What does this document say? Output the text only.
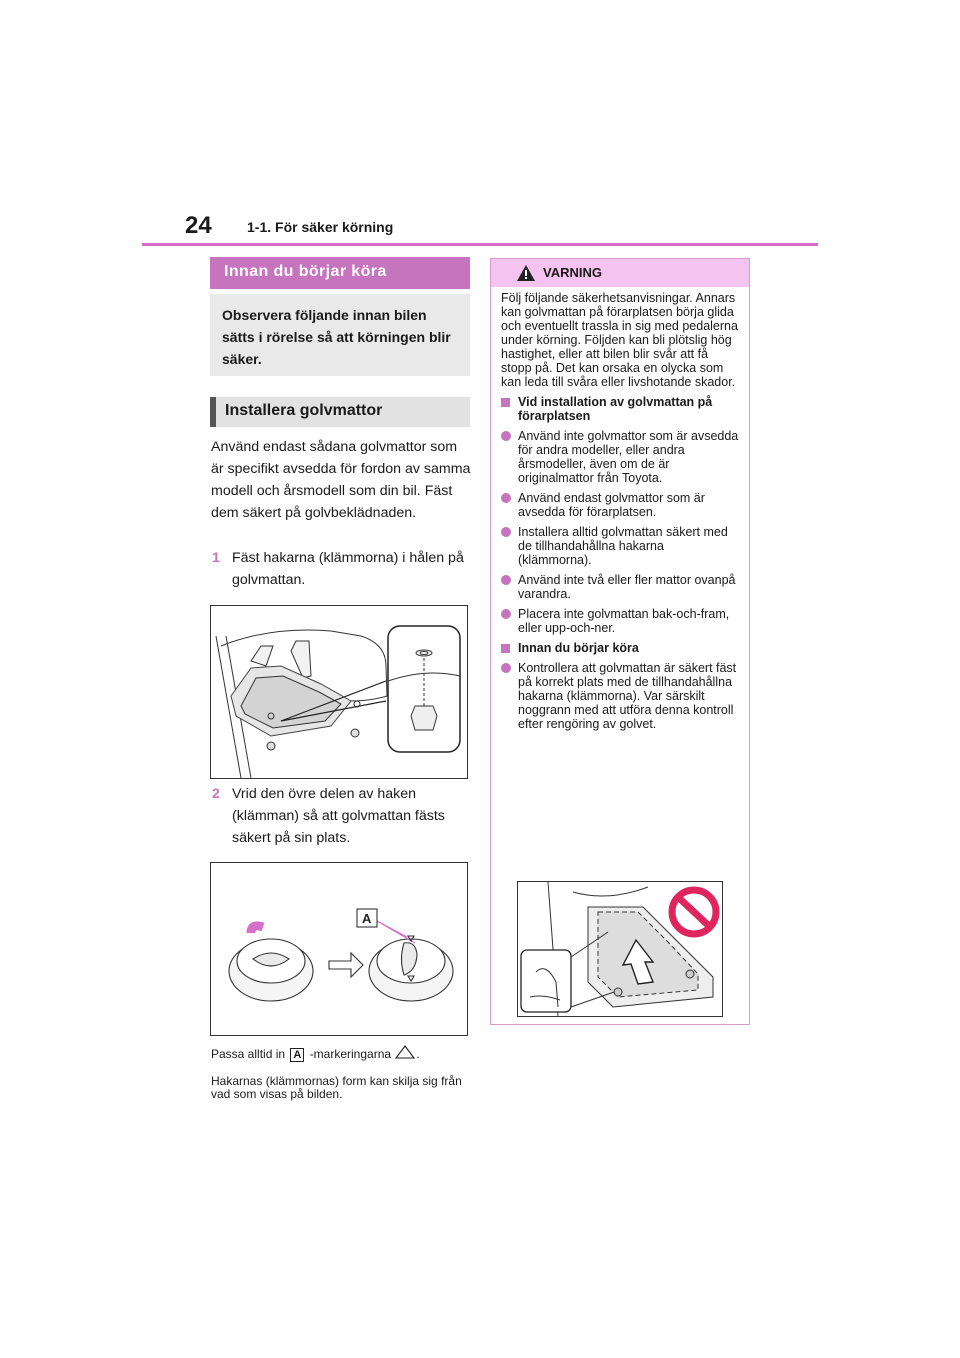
24	1-1. För säker körning
Innan du börjar köra
Observera följande innan bilen sätts i rörelse så att körningen blir säker.
Installera golvmattor
Använd endast sådana golvmattor som är specifikt avsedda för fordon av samma modell och årsmodell som din bil. Fäst dem säkert på golvbeklädnaden.
1 Fäst hakarna (klämmorna) i hålen på golvmattan.
2 Vrid den övre delen av haken (klämman) så att golvmattan fästs säkert på sin plats.
A
Passa alltid in A -markeringarna .
Hakarnas (klämmornas) form kan skilja sig från vad som visas på bilden.
VARNING

Följ följande säkerhetsanvisningar. Annars kan golvmattan på förarplatsen börja glida och eventuellt trassla in sig med pedalerna under körning. Följden kan bli plötslig hög hastighet, eller att bilen blir svår att få stopp på. Det kan orsaka en olycka som kan leda till svåra eller livshotande skador.

Vid installation av golvmattan på förarplatsen
Använd inte golvmattor som är avsedda för andra modeller, eller andra årsmodeller, även om de är originalmattor från Toyota.
Använd endast golvmattor som är avsedda för förarplatsen.
Installera alltid golvmattan säkert med de tillhandahållna hakarna (klämmorna).
Använd inte två eller fler mattor ovanpå varandra.
Placera inte golvmattan bak-och-fram, eller upp-och-ner.
Innan du börjar köra
Kontrollera att golvmattan är säkert fäst på korrekt plats med de tillhandahållna hakarna (klämmorna). Var särskilt noggrann med att utföra denna kontroll efter rengöring av golvet.
